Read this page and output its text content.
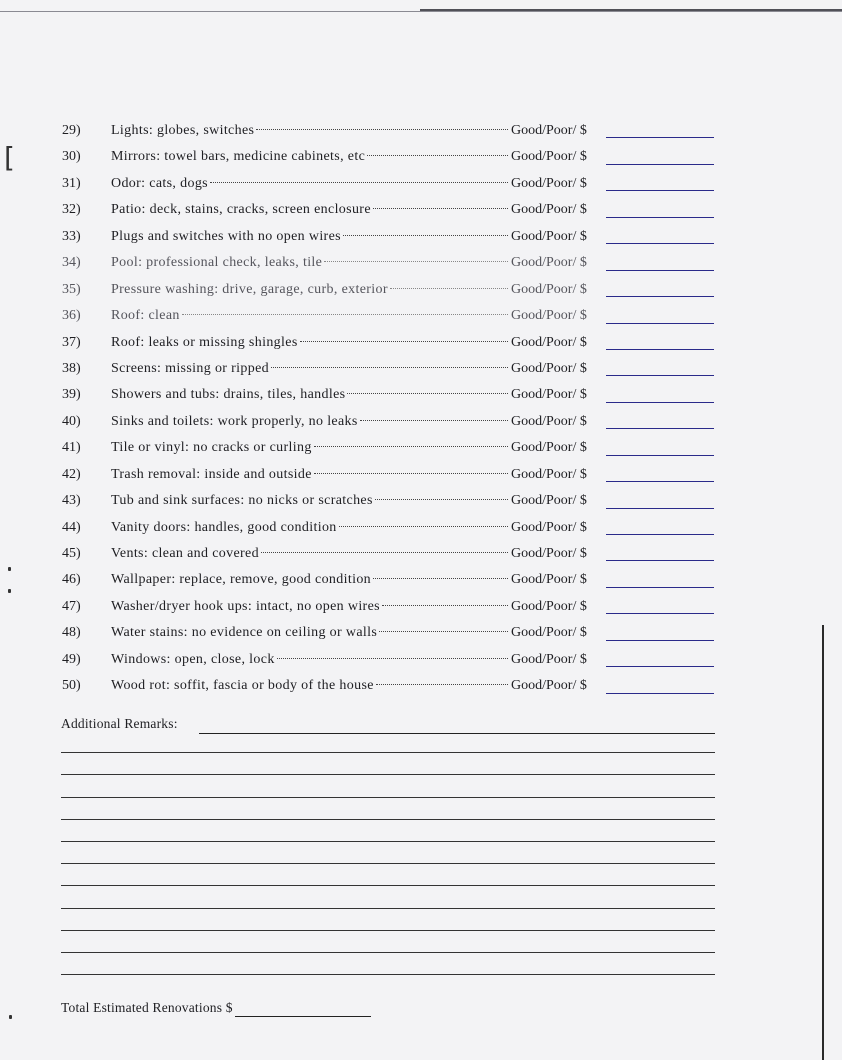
[
29)	Lights: globes, switches	Good/Poor/ $
30)	Mirrors: towel bars, medicine cabinets, etc	Good/Poor/ $
31)	Odor: cats, dogs	Good/Poor/ $
32)	Patio: deck, stains, cracks, screen enclosure	Good/Poor/ $
33)	Plugs and switches with no open wires	Good/Poor/ $
34)	Pool: professional check, leaks, tile	Good/Poor/ $
35)	Pressure washing: drive, garage, curb, exterior	Good/Poor/ $
36)	Roof: clean	Good/Poor/ $
37)	Roof: leaks or missing shingles	Good/Poor/ $
38)	Screens: missing or ripped	Good/Poor/ $
39)	Showers and tubs: drains, tiles, handles	Good/Poor/ $
40)	Sinks and toilets: work properly, no leaks	Good/Poor/ $
41)	Tile or vinyl: no cracks or curling	Good/Poor/ $
42)	Trash removal: inside and outside	Good/Poor/ $
43)	Tub and sink surfaces: no nicks or scratches	Good/Poor/ $
44)	Vanity doors: handles, good condition	Good/Poor/ $
45)	Vents: clean and covered	Good/Poor/ $
46)	Wallpaper: replace, remove, good condition	Good/Poor/ $
47)	Washer/dryer hook ups: intact, no open wires	Good/Poor/ $
48)	Water stains: no evidence on ceiling or walls	Good/Poor/ $
49)	Windows: open, close, lock	Good/Poor/ $
50)	Wood rot: soffit, fascia or body of the house	Good/Poor/ $
Additional Remarks:
Total Estimated Renovations $
